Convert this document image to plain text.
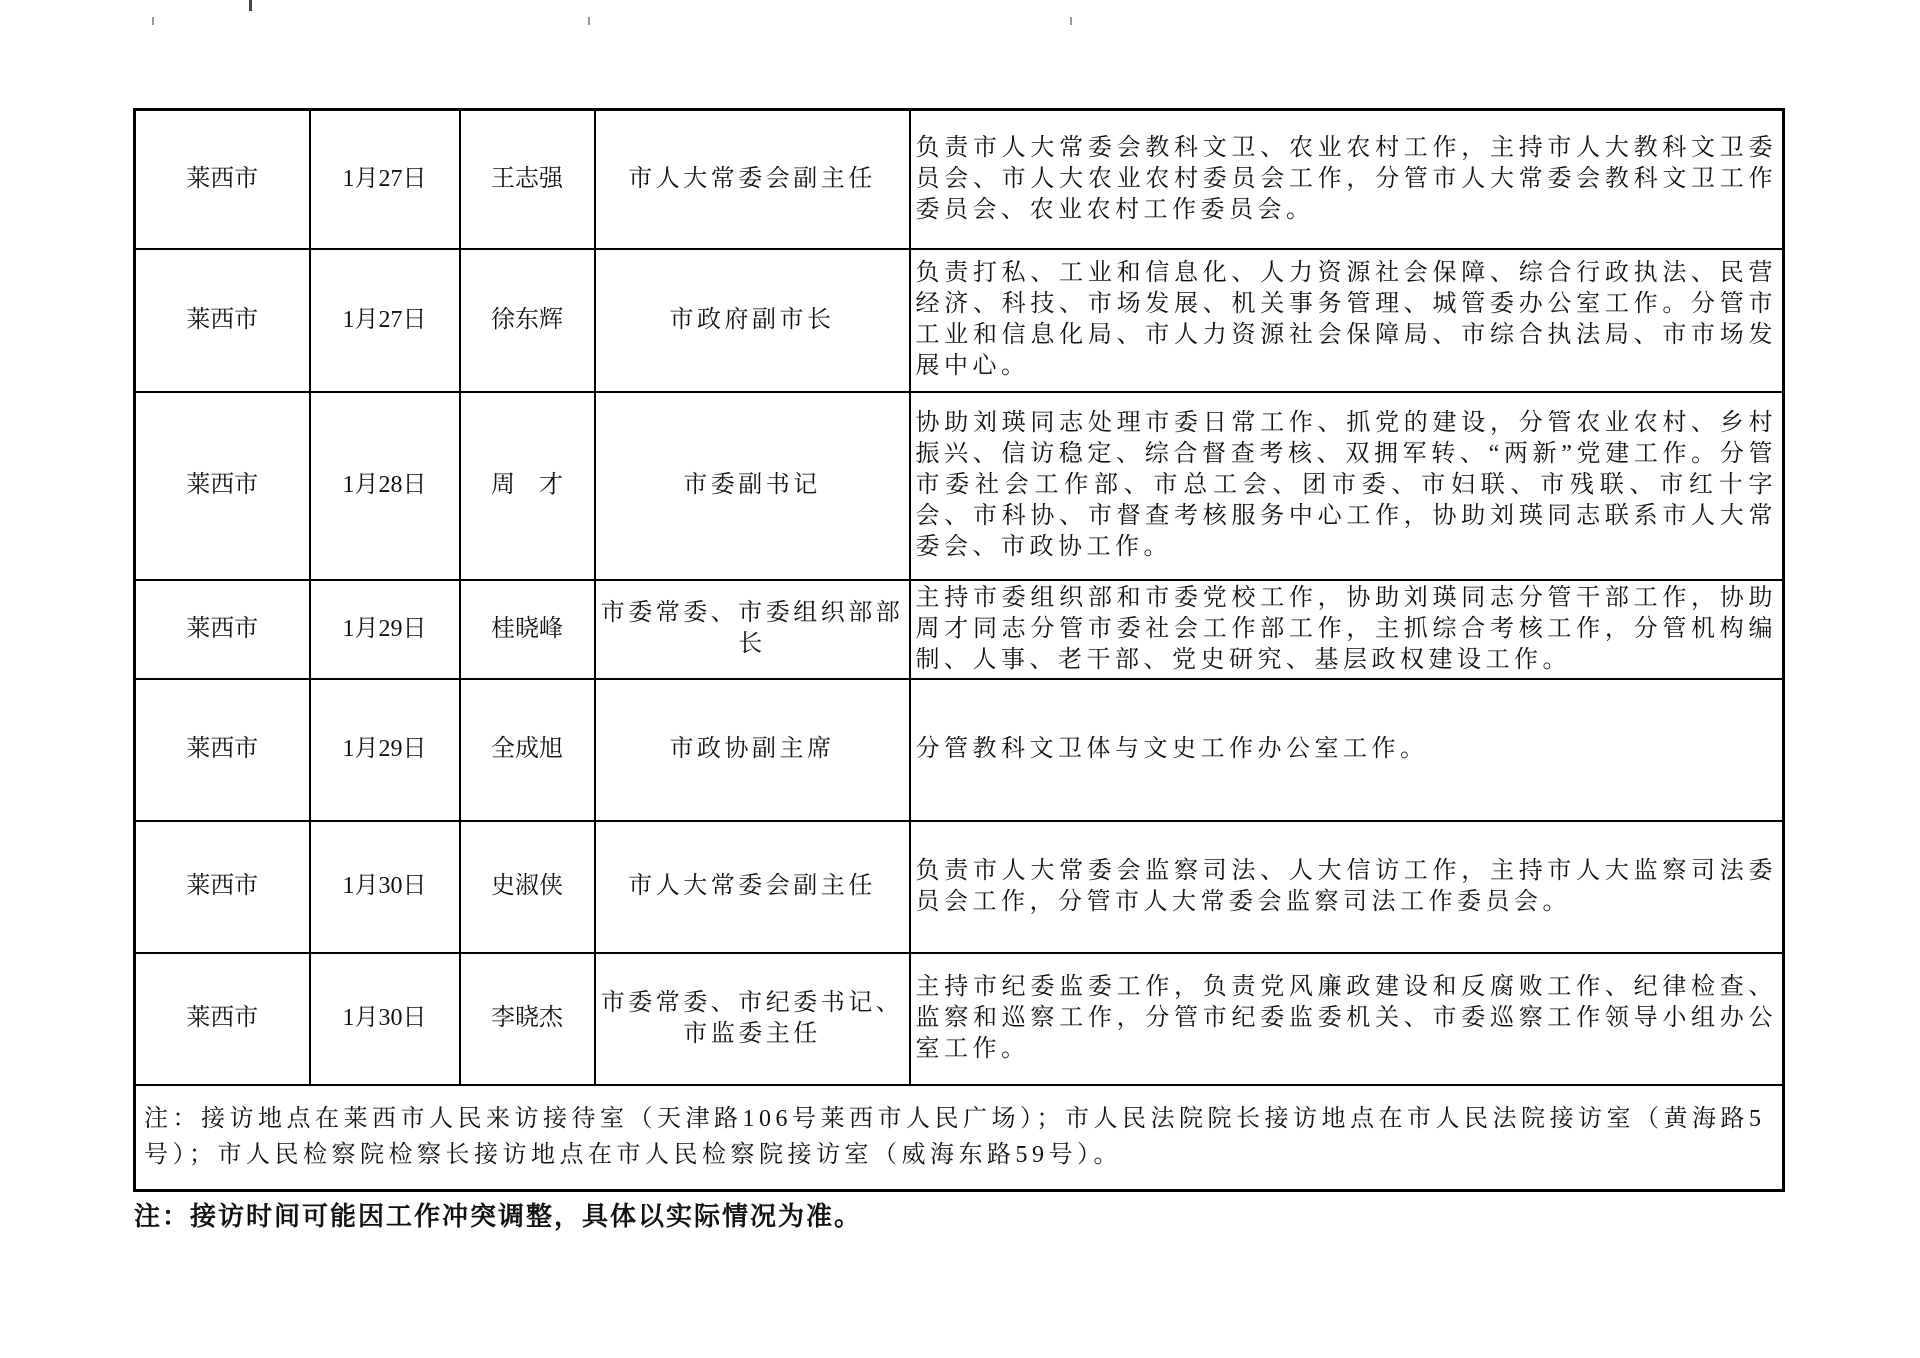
莱西市	1月27日	王志强	市人大常委会副主任	负责市人大常委会教科文卫、农业农村工作，主持市人大教科文卫委员会、市人大农业农村委员会工作，分管市人大常委会教科文卫工作委员会、农业农村工作委员会。
莱西市	1月27日	徐东辉	市政府副市长	负责打私、工业和信息化、人力资源社会保障、综合行政执法、民营经济、科技、市场发展、机关事务管理、城管委办公室工作。分管市工业和信息化局、市人力资源社会保障局、市综合执法局、市市场发展中心。
莱西市	1月28日	周　才	市委副书记	协助刘瑛同志处理市委日常工作、抓党的建设，分管农业农村、乡村振兴、信访稳定、综合督查考核、双拥军转、“两新”党建工作。分管市委社会工作部、市总工会、团市委、市妇联、市残联、市红十字会、市科协、市督查考核服务中心工作，协助刘瑛同志联系市人大常委会、市政协工作。
莱西市	1月29日	桂晓峰	市委常委、市委组织部部长	主持市委组织部和市委党校工作，协助刘瑛同志分管干部工作，协助周才同志分管市委社会工作部工作，主抓综合考核工作，分管机构编制、人事、老干部、党史研究、基层政权建设工作。
莱西市	1月29日	全成旭	市政协副主席	分管教科文卫体与文史工作办公室工作。
莱西市	1月30日	史淑侠	市人大常委会副主任	负责市人大常委会监察司法、人大信访工作，主持市人大监察司法委员会工作，分管市人大常委会监察司法工作委员会。
莱西市	1月30日	李晓杰	市委常委、市纪委书记、市监委主任	主持市纪委监委工作，负责党风廉政建设和反腐败工作、纪律检查、监察和巡察工作，分管市纪委监委机关、市委巡察工作领导小组办公室工作。
注：接访地点在莱西市人民来访接待室（天津路106号莱西市人民广场）；市人民法院院长接访地点在市人民法院接访室（黄海路5号）；市人民检察院检察长接访地点在市人民检察院接访室（威海东路59号）。				
注：接访时间可能因工作冲突调整，具体以实际情况为准。
